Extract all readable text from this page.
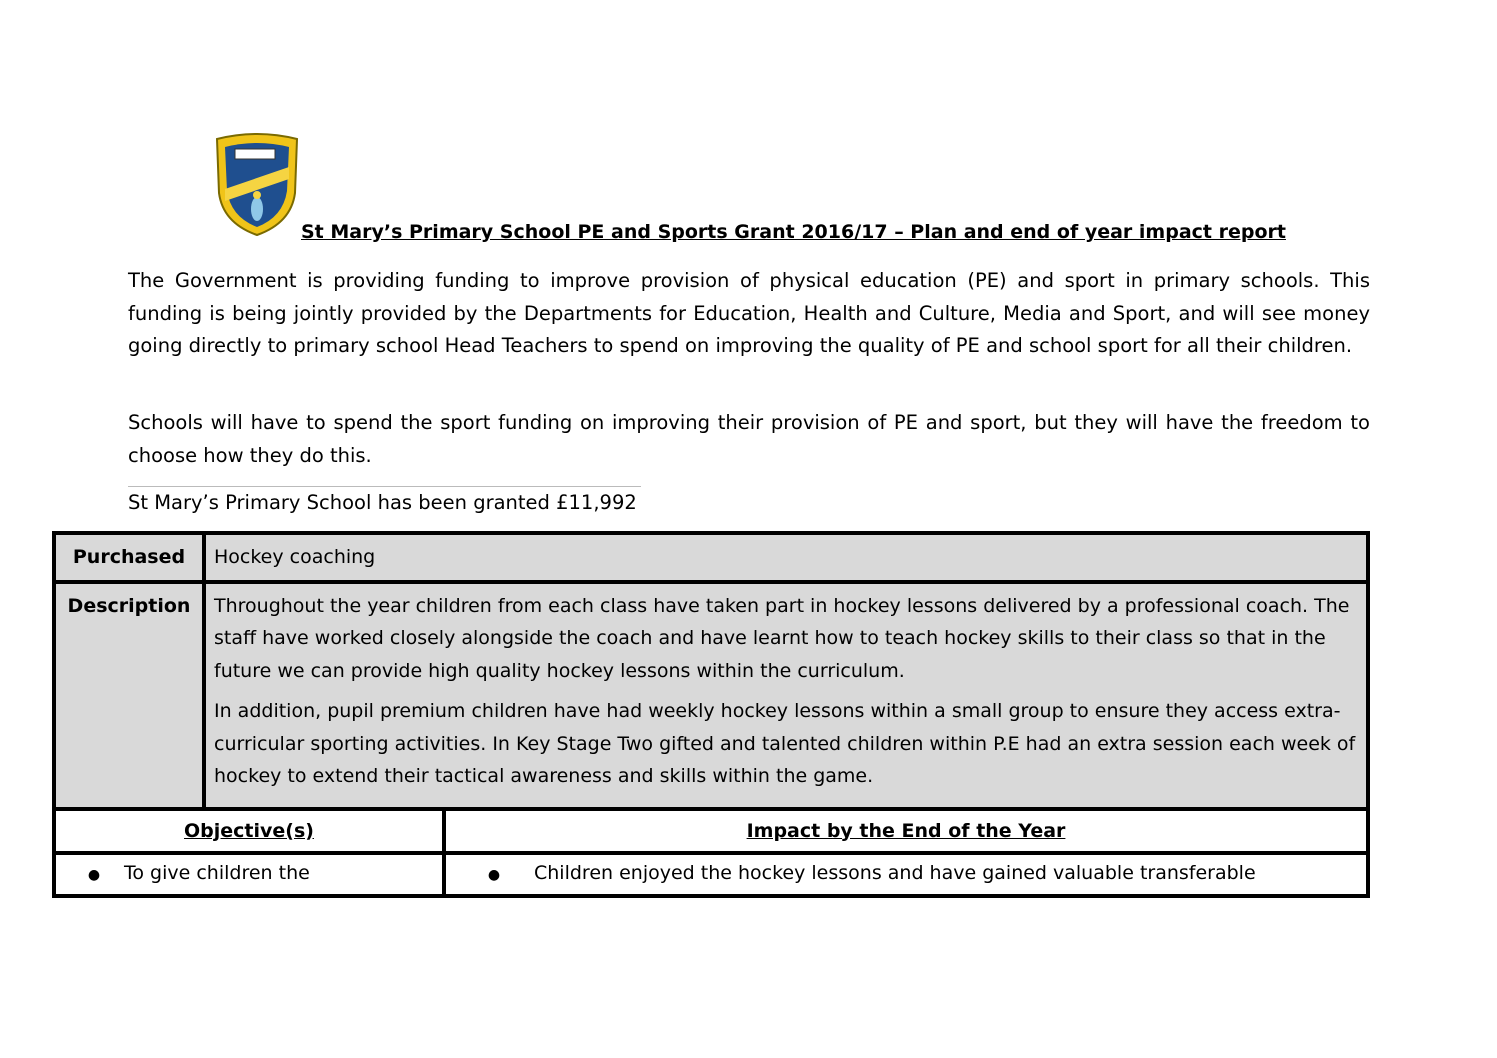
St Mary’s Primary School PE and Sports Grant 2016/17 – Plan and end of year impact report
The Government is providing funding to improve provision of physical education (PE) and sport in primary schools. This funding is being jointly provided by the Departments for Education, Health and Culture, Media and Sport, and will see money going directly to primary school Head Teachers to spend on improving the quality of PE and school sport for all their children.
Schools will have to spend the sport funding on improving their provision of PE and sport, but they will have the freedom to choose how they do this.
St Mary’s Primary School has been granted £11,992
Purchased	Hockey coaching	
Description	Throughout the year children from each class have taken part in hockey lessons delivered by a professional coach. The staff have worked closely alongside the coach and have learnt how to teach hockey skills to their class so that in the future we can provide high quality hockey lessons within the curriculum.

In addition, pupil premium children have had weekly hockey lessons within a small group to ensure they access extra-curricular sporting activities. In Key Stage Two gifted and talented children within P.E had an extra session each week of hockey to extend their tactical awareness and skills within the game.	

Objective(s)		Impact by the End of the Year
● To give children the		● Children enjoyed the hockey lessons and have gained valuable transferable
